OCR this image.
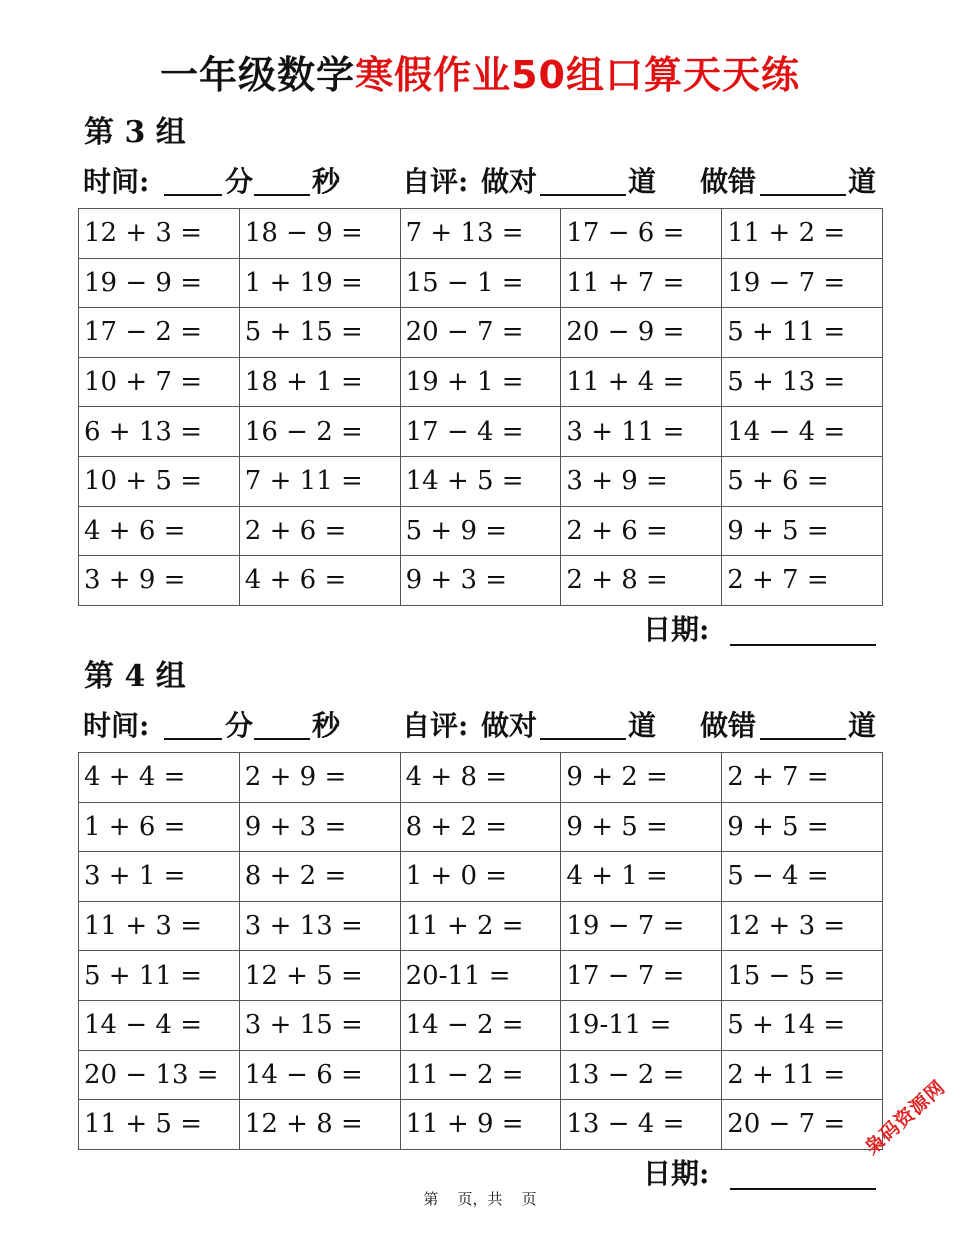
一年级数学寒假作业50组口算天天练
第 3 组
时间:	分 秒 自评: 做对	道 做错	道
12 + 3 =	18 − 9 =	7 + 13 =	17 − 6 =	11 + 2 =
19 − 9 =	1 + 19 =	15 − 1 =	11 + 7 =	19 − 7 =
17 − 2 =	5 + 15 =	20 − 7 =	20 − 9 =	5 + 11 =
10 + 7 =	18 + 1 =	19 + 1 =	11 + 4 =	5 + 13 =
6 + 13 =	16 − 2 =	17 − 4 =	3 + 11 =	14 − 4 =
10 + 5 =	7 + 11 =	14 + 5 =	3 + 9 =	5 + 6 =
4 + 6 =	2 + 6 =	5 + 9 =	2 + 6 =	9 + 5 =
3 + 9 =	4 + 6 =	9 + 3 =	2 + 8 =	2 + 7 =
日期:
第 4 组
时间:	分 秒 自评: 做对	道 做错	道
4 + 4 =	2 + 9 =	4 + 8 =	9 + 2 =	2 + 7 =
1 + 6 =	9 + 3 =	8 + 2 =	9 + 5 =	9 + 5 =
3 + 1 =	8 + 2 =	1 + 0 =	4 + 1 =	5 − 4 =
11 + 3 =	3 + 13 =	11 + 2 =	19 − 7 =	12 + 3 =
5 + 11 =	12 + 5 =	20-11 =	17 − 7 =	15 − 5 =
14 − 4 =	3 + 15 =	14 − 2 =	19-11 =	5 + 14 =
20 − 13 =	14 − 6 =	11 − 2 =	13 − 2 =	2 + 11 =
11 + 5 =	12 + 8 =	11 + 9 =	13 − 4 =	20 − 7 =
日期:
第    页，共    页
枭码资源网
